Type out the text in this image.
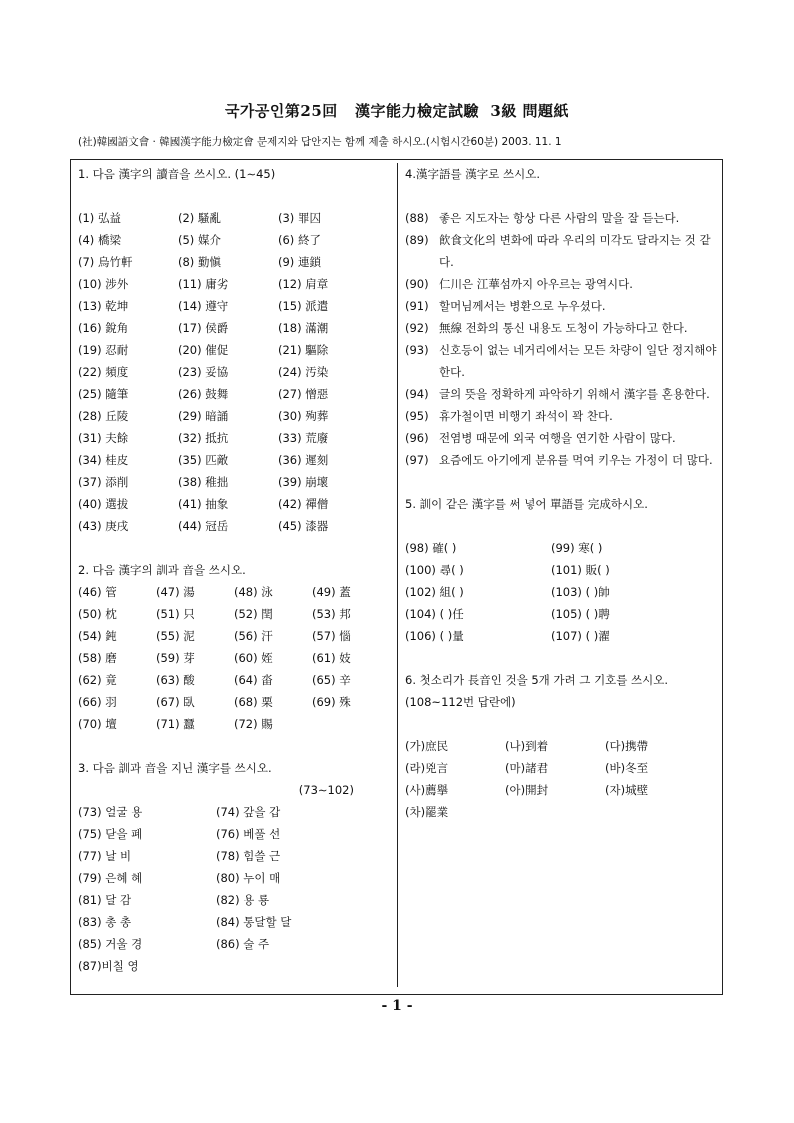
국가공인第25回   漢字能力檢定試驗  3級 問題紙
(社)韓國語文會 · 韓國漢字能力檢定會 문제지와 답안지는 함께 제출 하시오.(시험시간60분) 2003. 11. 1
1. 다음 漢字의 讀音을 쓰시오. (1∼45)
(1) 弘益	(2) 騷亂	(3) 罪囚
(4) 橋梁	(5) 媒介	(6) 終了
(7) 烏竹軒	(8) 勤愼	(9) 連鎖
(10) 涉外	(11) 庸劣	(12) 肩章
(13) 乾坤	(14) 遵守	(15) 派遣
(16) 銳角	(17) 侯爵	(18) 滿潮
(19) 忍耐	(20) 催促	(21) 驅除
(22) 頻度	(23) 妥協	(24) 汚染
(25) 隨筆	(26) 鼓舞	(27) 憎惡
(28) 丘陵	(29) 暗誦	(30) 殉葬
(31) 夫餘	(32) 抵抗	(33) 荒廢
(34) 桂皮	(35) 匹敵	(36) 遲刻
(37) 添削	(38) 稚拙	(39) 崩壞
(40) 選拔	(41) 抽象	(42) 禪僧
(43) 庚戌	(44) 冠岳	(45) 漆器
2. 다음 漢字의 訓과 音을 쓰시오.
(46) 管	(47) 湯	(48) 泳	(49) 蓋
(50) 枕	(51) 只	(52) 閏	(53) 邦
(54) 鈍	(55) 泥	(56) 汗	(57) 惱
(58) 磨	(59) 芽	(60) 姪	(61) 妓
(62) 竟	(63) 酸	(64) 畓	(65) 辛
(66) 羽	(67) 臥	(68) 栗	(69) 殊
(70) 壇	(71) 蠶	(72) 賜
3. 다음 訓과 音을 지닌 漢字를 쓰시오.
(73∼102)
(73) 얼굴 용	(74) 갚을 갑
(75) 닫을 폐	(76) 베풀 선
(77) 날 비	(78) 힘쓸 근
(79) 은혜 혜	(80) 누이 매
(81) 달 감	(82) 용 룡
(83) 총 총	(84) 통달할 달
(85) 거울 경	(86) 술 주
(87)비칠 영
4.漢字語를 漢字로 쓰시오.
(88) 좋은 지도자는 항상 다른 사람의 말을 잘 듣는다.
(89) 飮食文化의 변화에 따라 우리의 미각도 달라지는 것 같다.
(90) 仁川은 江華섬까지 아우르는 광역시다.
(91) 할머님께서는 병환으로 누우셨다.
(92) 無線 전화의 통신 내용도 도청이 가능하다고 한다.
(93) 신호등이 없는 네거리에서는 모든 차량이 일단 정지해야한다.
(94) 글의 뜻을 정확하게 파악하기 위해서 漢字를 혼용한다.
(95) 휴가철이면 비행기 좌석이 꽉 찬다.
(96) 전염병 때문에 외국 여행을 연기한 사람이 많다.
(97) 요즘에도 아기에게 분유를 먹여 키우는 가정이 더 많다.
5. 訓이 같은 漢字를 써 넣어 單語를 完成하시오.
(98) 確( )	(99) 寒( )
(100) 尋( )	(101) 販( )
(102) 組( )	(103) ( )帥
(104) ( )任	(105) ( )聘
(106) ( )量	(107) ( )濯
6. 첫소리가 長音인 것을 5개 가려 그 기호를 쓰시오. (108~112번 답란에)
(가)庶民	(나)到着	(다)携帶
(라)兇言	(마)諸君	(바)冬至
(사)薦擧	(아)開封	(자)城壁
(차)罷業
- 1 -
